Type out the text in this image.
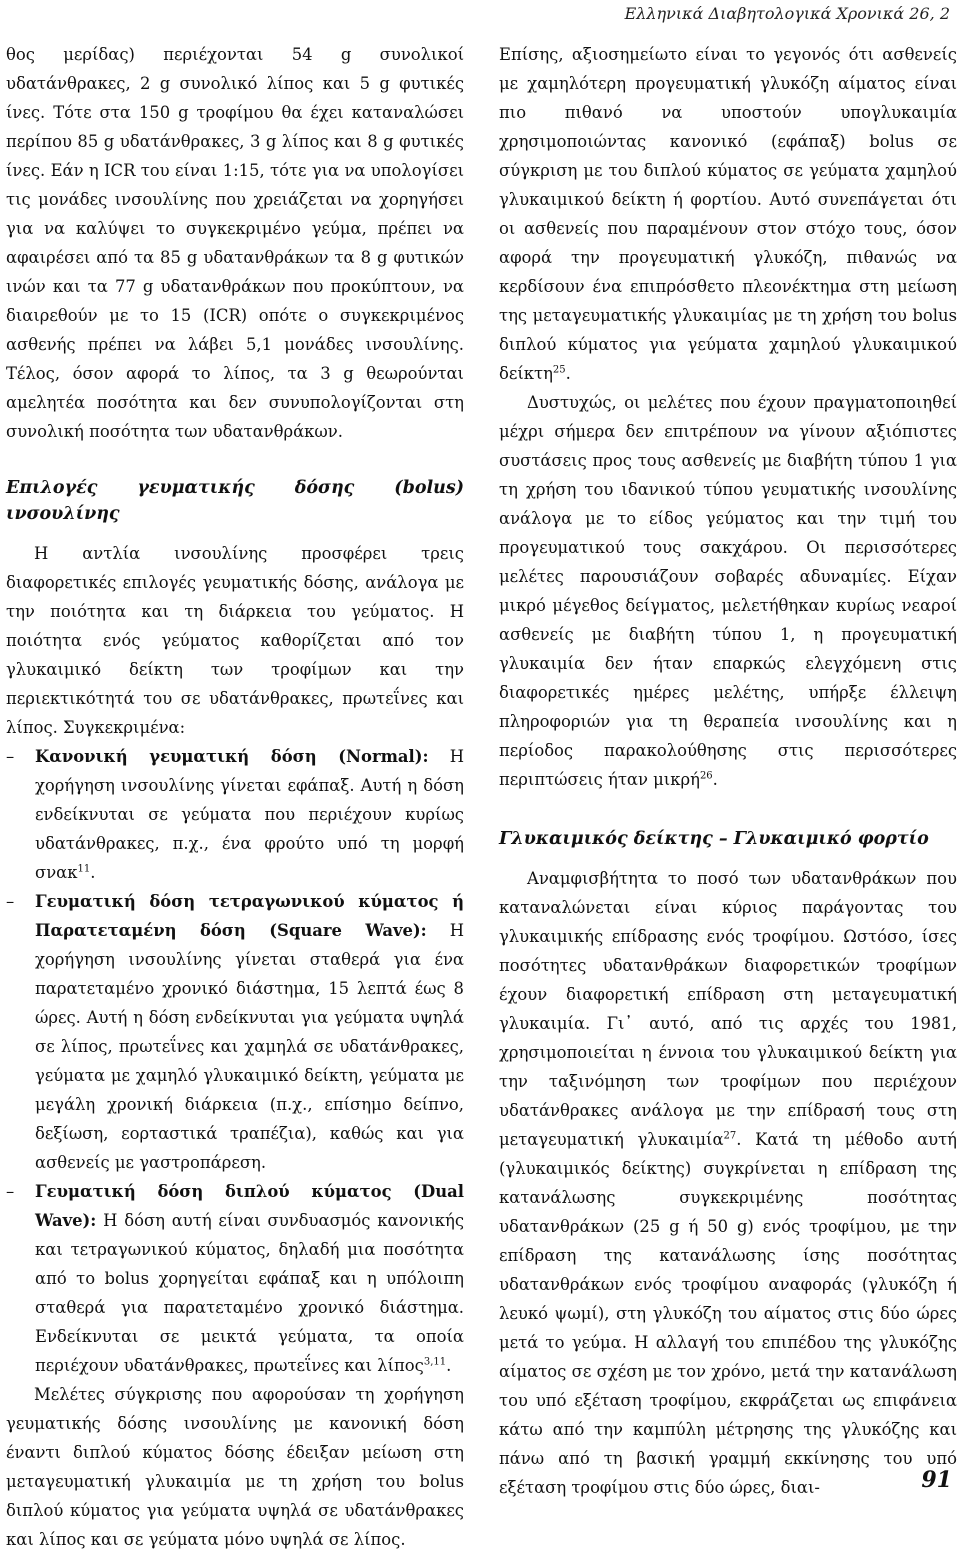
Ελληνικά Διαβητολογικά Χρονικά 26, 2

θος μερίδας) περιέχονται 54 g συνολικοί υδατάνθρακες, 2 g συνολικό λίπος και 5 g φυτικές ίνες. Τότε στα 150 g τροφίμου θα έχει καταναλώσει περίπου 85 g υδατάνθρακες, 3 g λίπος και 8 g φυτικές ίνες. Εάν η ICR του είναι 1:15, τότε για να υπολογίσει τις μονάδες ινσουλίνης που χρειάζεται να χορηγήσει για να καλύψει το συγκεκριμένο γεύμα, πρέπει να αφαιρέσει από τα 85 g υδατανθράκων τα 8 g φυτικών ινών και τα 77 g υδατανθράκων που προκύπτουν, να διαιρεθούν με το 15 (ICR) οπότε ο συγκεκριμένος ασθενής πρέπει να λάβει 5,1 μονάδες ινσουλίνης. Τέλος, όσον αφορά το λίπος, τα 3 g θεωρούνται αμελητέα ποσότητα και δεν συνυπολογίζονται στη συνολική ποσότητα των υδατανθράκων.

Επιλογές γευματικής δόσης (bolus) ινσουλίνης

Η αντλία ινσουλίνης προσφέρει τρεις διαφορετικές επιλογές γευματικής δόσης, ανάλογα με την ποιότητα και τη διάρκεια του γεύματος. Η ποιότητα ενός γεύματος καθορίζεται από τον γλυκαιμικό δείκτη των τροφίμων και την περιεκτικότητά του σε υδατάνθρακες, πρωτεΐνες και λίπος. Συγκεκριμένα:

–	Κανονική γευματική δόση (Normal): Η χορήγηση ινσουλίνης γίνεται εφάπαξ. Αυτή η δόση ενδείκνυται σε γεύματα που περιέχουν κυρίως υδατάνθρακες, π.χ., ένα φρούτο υπό τη μορφή σνακ$^{11}$.
–	Γευματική δόση τετραγωνικού κύματος ή Παρατεταμένη δόση (Square Wave): Η χορήγηση ινσουλίνης γίνεται σταθερά για ένα παρατεταμένο χρονικό διάστημα, 15 λεπτά έως 8 ώρες. Αυτή η δόση ενδείκνυται για γεύματα υψηλά σε λίπος, πρωτεΐνες και χαμηλά σε υδατάνθρακες, γεύματα με χαμηλό γλυκαιμικό δείκτη, γεύματα με μεγάλη χρονική διάρκεια (π.χ., επίσημο δείπνο, δεξίωση, εορταστικά τραπέζια), καθώς και για ασθενείς με γαστροπάρεση.
–	Γευματική δόση διπλού κύματος (Dual Wave): Η δόση αυτή είναι συνδυασμός κανονικής και τετραγωνικού κύματος, δηλαδή μια ποσότητα από το bolus χορηγείται εφάπαξ και η υπόλοιπη σταθερά για παρατεταμένο χρονικό διάστημα. Ενδείκνυται σε μεικτά γεύματα, τα οποία περιέχουν υδατάνθρακες, πρωτεΐνες και λίπος$^{3,11}$.

Μελέτες σύγκρισης που αφορούσαν τη χορήγηση γευματικής δόσης ινσουλίνης με κανονική δόση έναντι διπλού κύματος δόσης έδειξαν μείωση στη μεταγευματική γλυκαιμία με τη χρήση του bolus διπλού κύματος για γεύματα υψηλά σε υδατάνθρακες και λίπος και σε γεύματα μόνο υψηλά σε λίπος.

Επίσης, αξιοσημείωτο είναι το γεγονός ότι ασθενείς με χαμηλότερη προγευματική γλυκόζη αίματος είναι πιο πιθανό να υποστούν υπογλυκαιμία χρησιμοποιώντας κανονικό (εφάπαξ) bolus σε σύγκριση με του διπλού κύματος σε γεύματα χαμηλού γλυκαιμικού δείκτη ή φορτίου. Αυτό συνεπάγεται ότι οι ασθενείς που παραμένουν στον στόχο τους, όσον αφορά την προγευματική γλυκόζη, πιθανώς να κερδίσουν ένα επιπρόσθετο πλεονέκτημα στη μείωση της μεταγευματικής γλυκαιμίας με τη χρήση του bolus διπλού κύματος για γεύματα χαμηλού γλυκαιμικού δείκτη$^{25}$.

Δυστυχώς, οι μελέτες που έχουν πραγματοποιηθεί μέχρι σήμερα δεν επιτρέπουν να γίνουν αξιόπιστες συστάσεις προς τους ασθενείς με διαβήτη τύπου 1 για τη χρήση του ιδανικού τύπου γευματικής ινσουλίνης ανάλογα με το είδος γεύματος και την τιμή του προγευματικού τους σακχάρου. Οι περισσότερες μελέτες παρουσιάζουν σοβαρές αδυναμίες. Είχαν μικρό μέγεθος δείγματος, μελετήθηκαν κυρίως νεαροί ασθενείς με διαβήτη τύπου 1, η προγευματική γλυκαιμία δεν ήταν επαρκώς ελεγχόμενη στις διαφορετικές ημέρες μελέτης, υπήρξε έλλειψη πληροφοριών για τη θεραπεία ινσουλίνης και η περίοδος παρακολούθησης στις περισσότερες περιπτώσεις ήταν μικρή$^{26}$.

Γλυκαιμικός δείκτης – Γλυκαιμικό φορτίο

Αναμφισβήτητα το ποσό των υδατανθράκων που καταναλώνεται είναι κύριος παράγοντας του γλυκαιμικής επίδρασης ενός τροφίμου. Ωστόσο, ίσες ποσότητες υδατανθράκων διαφορετικών τροφίμων έχουν διαφορετική επίδραση στη μεταγευματική γλυκαιμία. Γι᾽ αυτό, από τις αρχές του 1981, χρησιμοποιείται η έννοια του γλυκαιμικού δείκτη για την ταξινόμηση των τροφίμων που περιέχουν υδατάνθρακες ανάλογα με την επίδρασή τους στη μεταγευματική γλυκαιμία$^{27}$. Κατά τη μέθοδο αυτή (γλυκαιμικός δείκτης) συγκρίνεται η επίδραση της κατανάλωσης συγκεκριμένης ποσότητας υδατανθράκων (25 g ή 50 g) ενός τροφίμου, με την επίδραση της κατανάλωσης ίσης ποσότητας υδατανθράκων ενός τροφίμου αναφοράς (γλυκόζη ή λευκό ψωμί), στη γλυκόζη του αίματος στις δύο ώρες μετά το γεύμα. Η αλλαγή του επιπέδου της γλυκόζης αίματος σε σχέση με τον χρόνο, μετά την κατανάλωση του υπό εξέταση τροφίμου, εκφράζεται ως επιφάνεια κάτω από την καμπύλη μέτρησης της γλυκόζης και πάνω από τη βασική γραμμή εκκίνησης του υπό εξέταση τροφίμου στις δύο ώρες, διαι-	91
